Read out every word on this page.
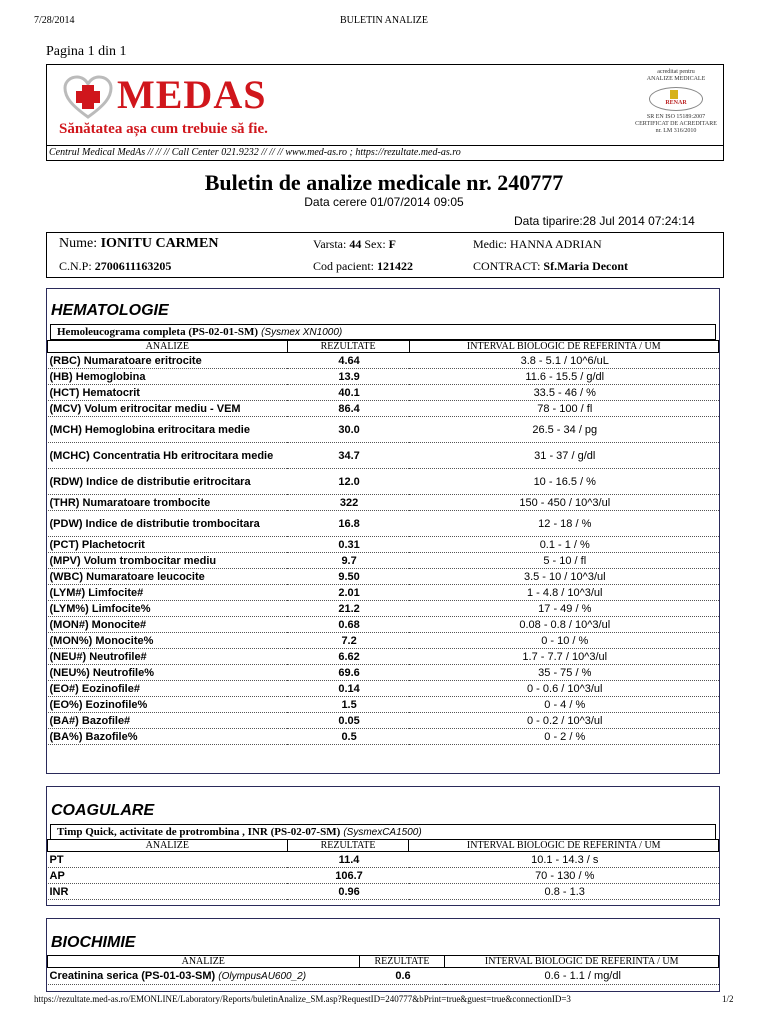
7/28/2014	BULETIN ANALIZE
Pagina 1 din 1
MEDAS
Sănătatea așa cum trebuie să fie.
acreditat pentru
ANALIZE MEDICALE
RENAR
SR EN ISO 15189:2007
CERTIFICAT DE ACREDITARE
nr. LM 316/2010
Centrul Medical MedAs // // // Call Center 021.9232 // // // www.med-as.ro ; https://rezultate.med-as.ro
Buletin de analize medicale nr. 240777
Data cerere 01/07/2014 09:05
Data tiparire:28 Jul 2014 07:24:14
Nume: IONITU CARMEN	Varsta: 44 Sex: F	Medic: HANNA ADRIAN
C.N.P: 2700611163205	Cod pacient: 121422	CONTRACT: Sf.Maria Decont
HEMATOLOGIE
Hemoleucograma completa (PS-02-01-SM) (Sysmex XN1000)
ANALIZE	REZULTATE	INTERVAL BIOLOGIC DE REFERINTA / UM
(RBC) Numaratoare eritrocite	4.64	3.8 - 5.1 / 10^6/uL
(HB) Hemoglobina	13.9	11.6 - 15.5 / g/dl
(HCT) Hematocrit	40.1	33.5 - 46 / %
(MCV) Volum eritrocitar mediu - VEM	86.4	78 - 100 / fl
(MCH) Hemoglobina eritrocitara medie	30.0	26.5 - 34 / pg
(MCHC) Concentratia Hb eritrocitara medie	34.7	31 - 37 / g/dl
(RDW) Indice de distributie eritrocitara	12.0	10 - 16.5 / %
(THR) Numaratoare trombocite	322	150 - 450 / 10^3/ul
(PDW) Indice de distributie trombocitara	16.8	12 - 18 / %
(PCT) Plachetocrit	0.31	0.1 - 1 / %
(MPV) Volum trombocitar mediu	9.7	5 - 10 / fl
(WBC) Numaratoare leucocite	9.50	3.5 - 10 / 10^3/ul
(LYM#) Limfocite#	2.01	1 - 4.8 / 10^3/ul
(LYM%) Limfocite%	21.2	17 - 49 / %
(MON#) Monocite#	0.68	0.08 - 0.8 / 10^3/ul
(MON%) Monocite%	7.2	0 - 10 / %
(NEU#) Neutrofile#	6.62	1.7 - 7.7 / 10^3/ul
(NEU%) Neutrofile%	69.6	35 - 75 / %
(EO#) Eozinofile#	0.14	0 - 0.6 / 10^3/ul
(EO%) Eozinofile%	1.5	0 - 4 / %
(BA#) Bazofile#	0.05	0 - 0.2 / 10^3/ul
(BA%) Bazofile%	0.5	0 - 2 / %
COAGULARE
Timp Quick, activitate de protrombina , INR (PS-02-07-SM) (SysmexCA1500)
ANALIZE	REZULTATE	INTERVAL BIOLOGIC DE REFERINTA / UM
PT	11.4	10.1 - 14.3 / s
AP	106.7	70 - 130 / %
INR	0.96	0.8 - 1.3
BIOCHIMIE
ANALIZE	REZULTATE	INTERVAL BIOLOGIC DE REFERINTA / UM
Creatinina serica (PS-01-03-SM) (OlympusAU600_2)	0.6	0.6 - 1.1 / mg/dl
https://rezultate.med-as.ro/EMONLINE/Laboratory/Reports/buletinAnalize_SM.asp?RequestID=240777&bPrint=true&guest=true&connectionID=3	1/2
